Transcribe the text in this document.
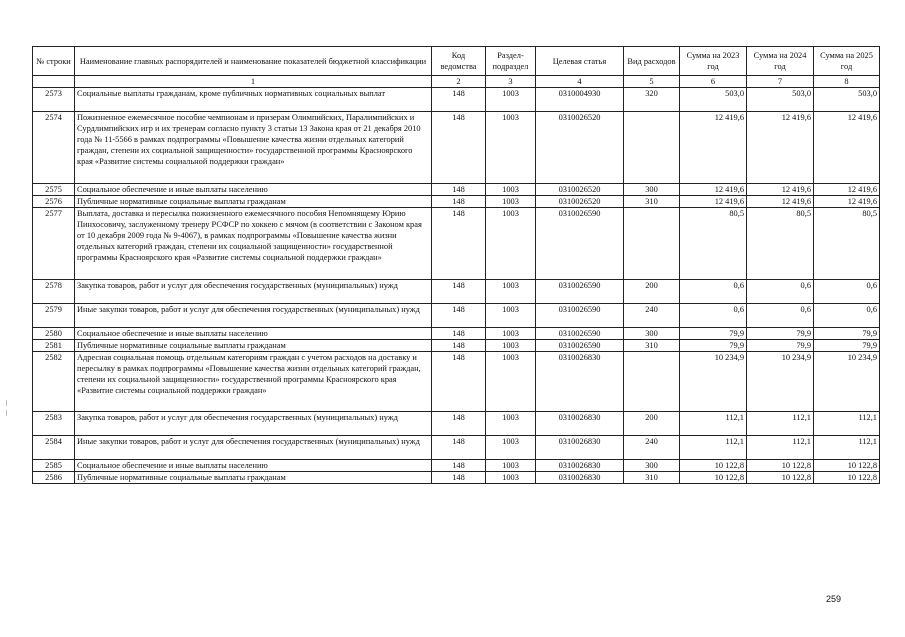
№ строки	Наименование главных распорядителей и наименование показателей бюджетной классификации	Код ведомства	Раздел-подраздел	Целевая статья	Вид расходов	Сумма на 2023 год	Сумма на 2024 год	Сумма на 2025 год
	1	2	3	4	5	6	7	8
2573	Социальные выплаты гражданам, кроме публичных нормативных социальных выплат	148	1003	0310004930	320	503,0	503,0	503,0
2574	Пожизненное ежемесячное пособие чемпионам и призерам Олимпийских, Паралимпийских и Сурдлимпийских игр и их тренерам согласно пункту 3 статьи 13 Закона края от 21 декабря 2010 года № 11-5566 в рамках подпрограммы «Повышение качества жизни отдельных категорий граждан, степени их социальной защищенности» государственной программы Красноярского края «Развитие системы социальной поддержки граждан»	148	1003	0310026520		12 419,6	12 419,6	12 419,6
2575	Социальное обеспечение и иные выплаты населению	148	1003	0310026520	300	12 419,6	12 419,6	12 419,6
2576	Публичные нормативные социальные выплаты гражданам	148	1003	0310026520	310	12 419,6	12 419,6	12 419,6
2577	Выплата, доставка и пересылка пожизненного ежемесячного пособия Непомнящему Юрию Пинхосовичу, заслуженному тренеру РСФСР по хоккею с мячом (в соответствии с Законом края от 10 декабря 2009 года № 9-4067), в рамках подпрограммы «Повышение качества жизни отдельных категорий граждан, степени их социальной защищенности» государственной программы Красноярского края «Развитие системы социальной поддержки граждан»	148	1003	0310026590		80,5	80,5	80,5
2578	Закупка товаров, работ и услуг для обеспечения государственных (муниципальных) нужд	148	1003	0310026590	200	0,6	0,6	0,6
2579	Иные закупки товаров, работ и услуг для обеспечения государственных (муниципальных) нужд	148	1003	0310026590	240	0,6	0,6	0,6
2580	Социальное обеспечение и иные выплаты населению	148	1003	0310026590	300	79,9	79,9	79,9
2581	Публичные нормативные социальные выплаты гражданам	148	1003	0310026590	310	79,9	79,9	79,9
2582	Адресная социальная помощь отдельным категориям граждан с учетом расходов на доставку и пересылку в рамках подпрограммы «Повышение качества жизни отдельных категорий граждан, степени их социальной защищенности» государственной программы Красноярского края «Развитие системы социальной поддержки граждан»	148	1003	0310026830		10 234,9	10 234,9	10 234,9
2583	Закупка товаров, работ и услуг для обеспечения государственных (муниципальных) нужд	148	1003	0310026830	200	112,1	112,1	112,1
2584	Иные закупки товаров, работ и услуг для обеспечения государственных (муниципальных) нужд	148	1003	0310026830	240	112,1	112,1	112,1
2585	Социальное обеспечение и иные выплаты населению	148	1003	0310026830	300	10 122,8	10 122,8	10 122,8
2586	Публичные нормативные социальные выплаты гражданам	148	1003	0310026830	310	10 122,8	10 122,8	10 122,8
259
